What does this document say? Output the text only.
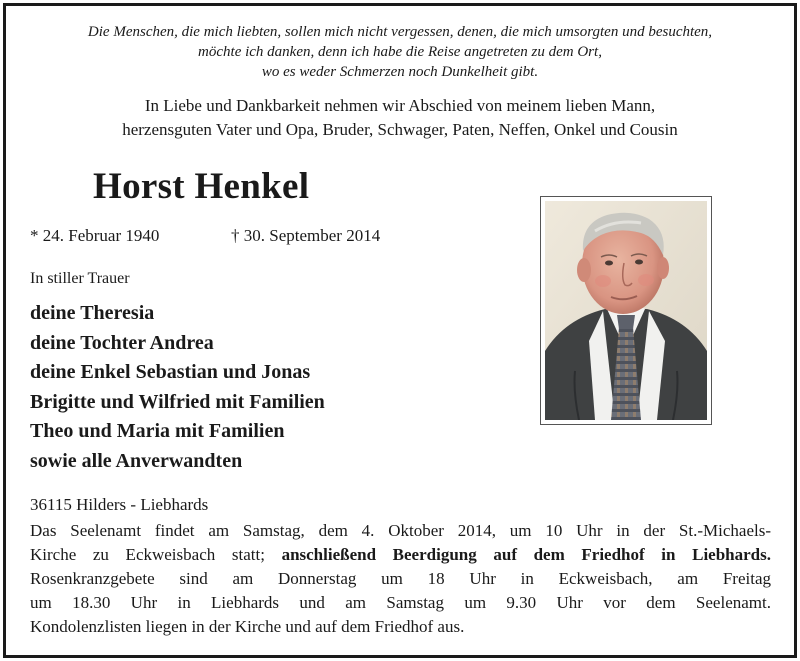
Die Menschen, die mich liebten, sollen mich nicht vergessen, denen, die mich umsorgten und besuchten,
möchte ich danken, denn ich habe die Reise angetreten zu dem Ort,
wo es weder Schmerzen noch Dunkelheit gibt.
In Liebe und Dankbarkeit nehmen wir Abschied von meinem lieben Mann,
herzensguten Vater und Opa, Bruder, Schwager, Paten, Neffen, Onkel und Cousin
Horst Henkel
* 24. Februar 1940	† 30. September 2014
In stiller Trauer
deine Theresia
deine Tochter Andrea
deine Enkel Sebastian und Jonas
Brigitte und Wilfried mit Familien
Theo und Maria mit Familien
sowie alle Anverwandten
36115 Hilders - Liebhards
Das Seelenamt findet am Samstag, dem 4. Oktober 2014, um 10 Uhr in der St.-Michaels-
Kirche zu Eckweisbach statt; anschließend Beerdigung auf dem Friedhof in Liebhards.
Rosenkranzgebete sind am Donnerstag um 18 Uhr in Eckweisbach, am Freitag
um 18.30 Uhr in Liebhards und am Samstag um 9.30 Uhr vor dem Seelenamt.
Kondolenzlisten liegen in der Kirche und auf dem Friedhof aus.
